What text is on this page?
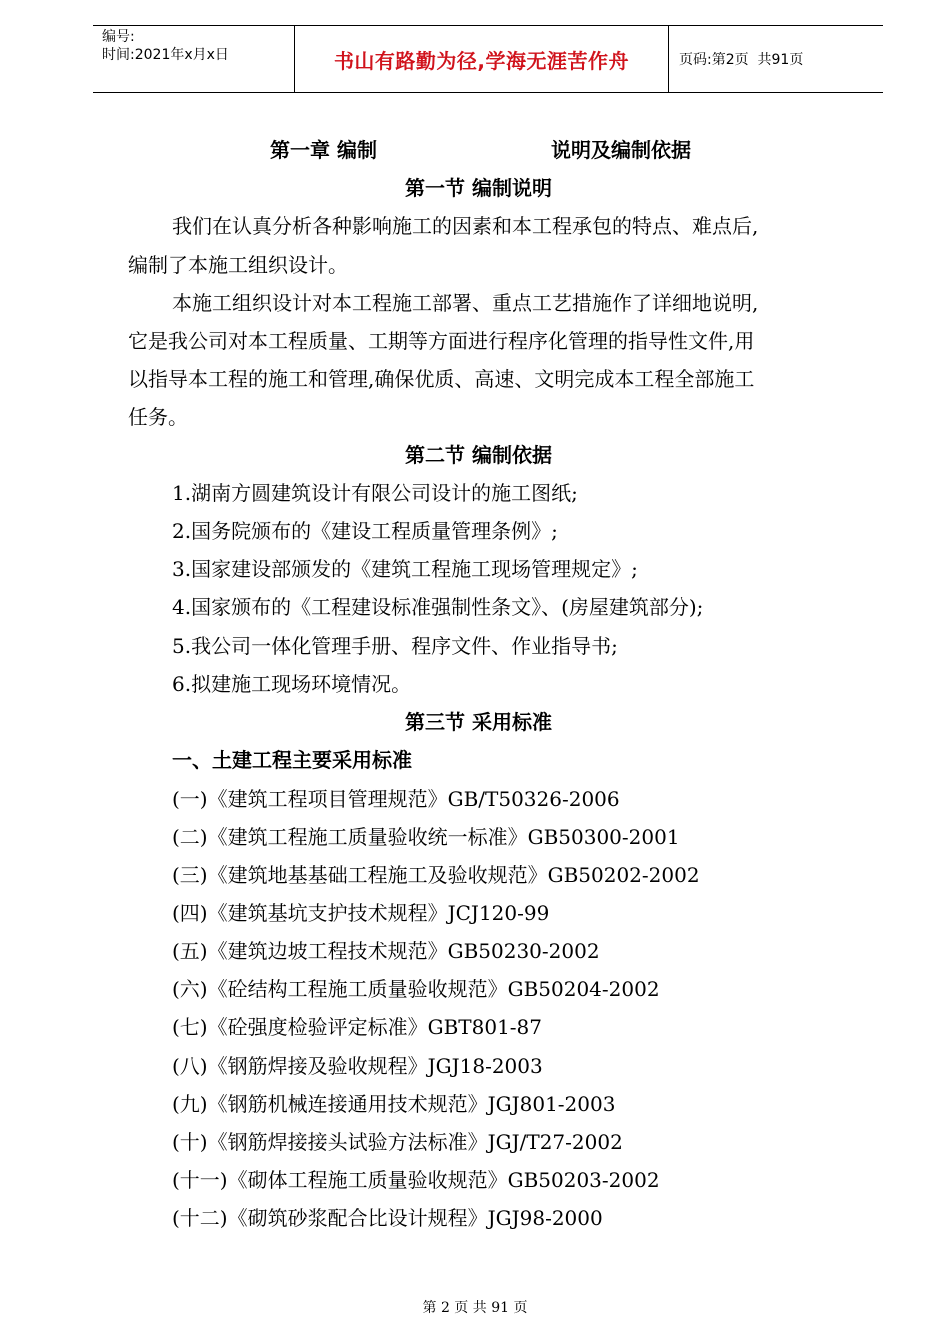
编号:
时间:2021年x月x日	书山有路勤为径,学海无涯苦作舟	页码:第2页  共91页
第一章 编制	说明及编制依据
第一节 编制说明
我们在认真分析各种影响施工的因素和本工程承包的特点、难点后,
编制了本施工组织设计。
本施工组织设计对本工程施工部署、重点工艺措施作了详细地说明,
它是我公司对本工程质量、工期等方面进行程序化管理的指导性文件,用
以指导本工程的施工和管理,确保优质、高速、文明完成本工程全部施工
任务。
第二节 编制依据
1.湖南方圆建筑设计有限公司设计的施工图纸;
2.国务院颁布的《建设工程质量管理条例》;
3.国家建设部颁发的《建筑工程施工现场管理规定》;
4.国家颁布的《工程建设标准强制性条文》、(房屋建筑部分);
5.我公司一体化管理手册、程序文件、作业指导书;
6.拟建施工现场环境情况。
第三节 采用标准
一、土建工程主要采用标准
(一)《建筑工程项目管理规范》GB/T50326-2006
(二)《建筑工程施工质量验收统一标准》GB50300-2001
(三)《建筑地基基础工程施工及验收规范》GB50202-2002
(四)《建筑基坑支护技术规程》JCJ120-99
(五)《建筑边坡工程技术规范》GB50230-2002
(六)《砼结构工程施工质量验收规范》GB50204-2002
(七)《砼强度检验评定标准》GBT801-87
(八)《钢筋焊接及验收规程》JGJ18-2003
(九)《钢筋机械连接通用技术规范》JGJ801-2003
(十)《钢筋焊接接头试验方法标准》JGJ/T27-2002
(十一)《砌体工程施工质量验收规范》GB50203-2002
(十二)《砌筑砂浆配合比设计规程》JGJ98-2000
第 2 页 共 91 页
